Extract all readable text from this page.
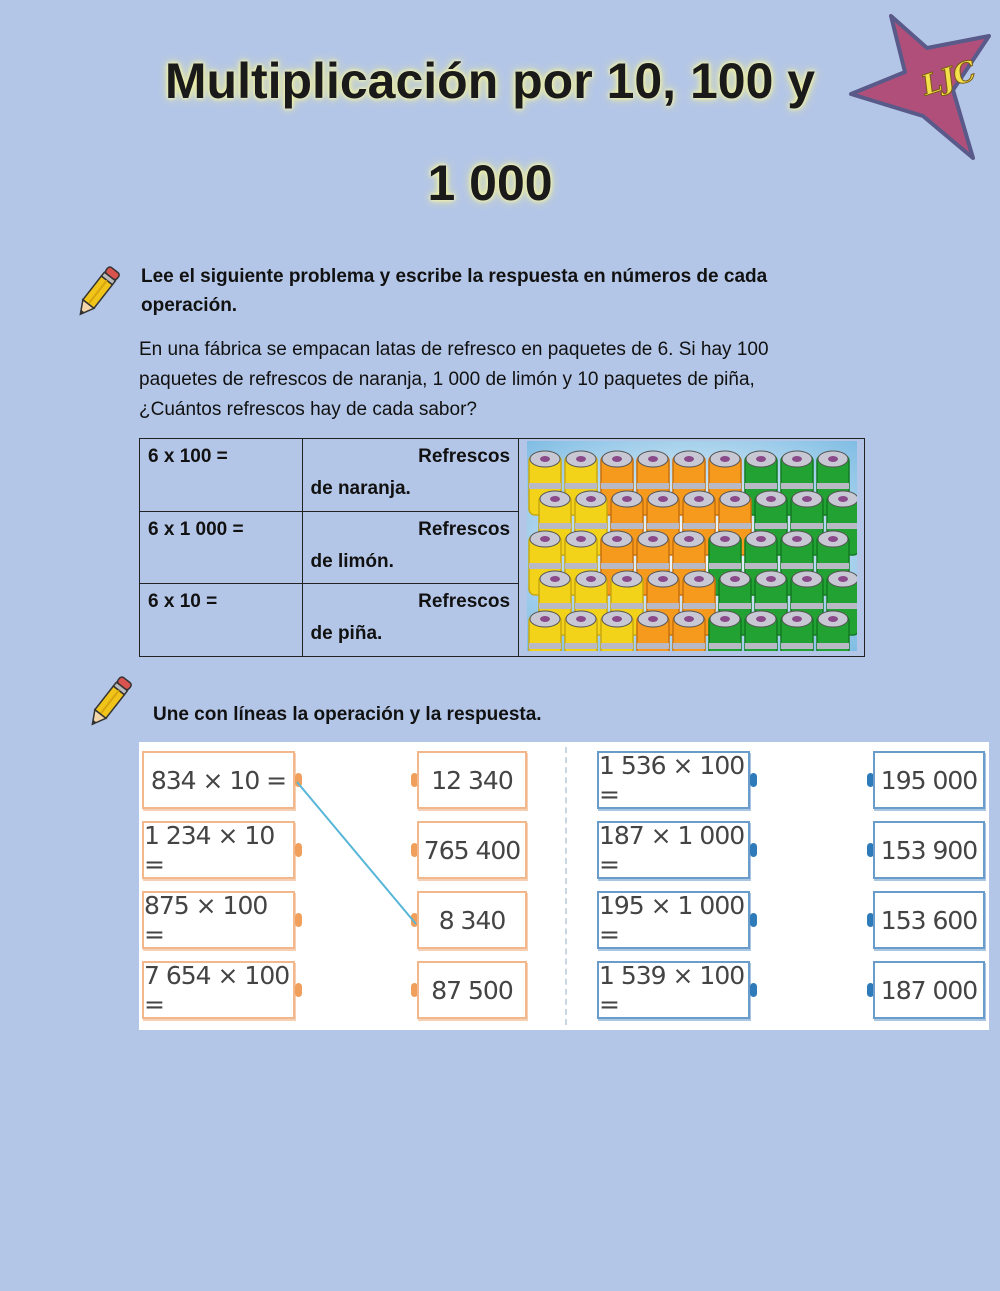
Multiplicación por 10, 100 y
1 000
LJC
Lee el siguiente problema y escribe la respuesta en números de cada
operación.
En una fábrica se empacan latas de refresco en paquetes de 6. Si hay 100
paquetes de refrescos de naranja, 1 000 de limón y 10 paquetes de piña,
¿Cuántos refrescos hay de cada sabor?
6 x 100 =	Refrescos
de naranja.	

6 x 1 000 =	Refrescos
de limón.	
6 x 10 =	Refrescos
de piña.	
Une con líneas la operación y la respuesta.
834 × 10 =
1 234 × 10 =
875 × 100 =
7 654 × 100 =
12 340
765 400
8 340
87 500
1 536 × 100 =
187 × 1 000 =
195 × 1 000 =
1 539 × 100 =
195 000
153 900
153 600
187 000
